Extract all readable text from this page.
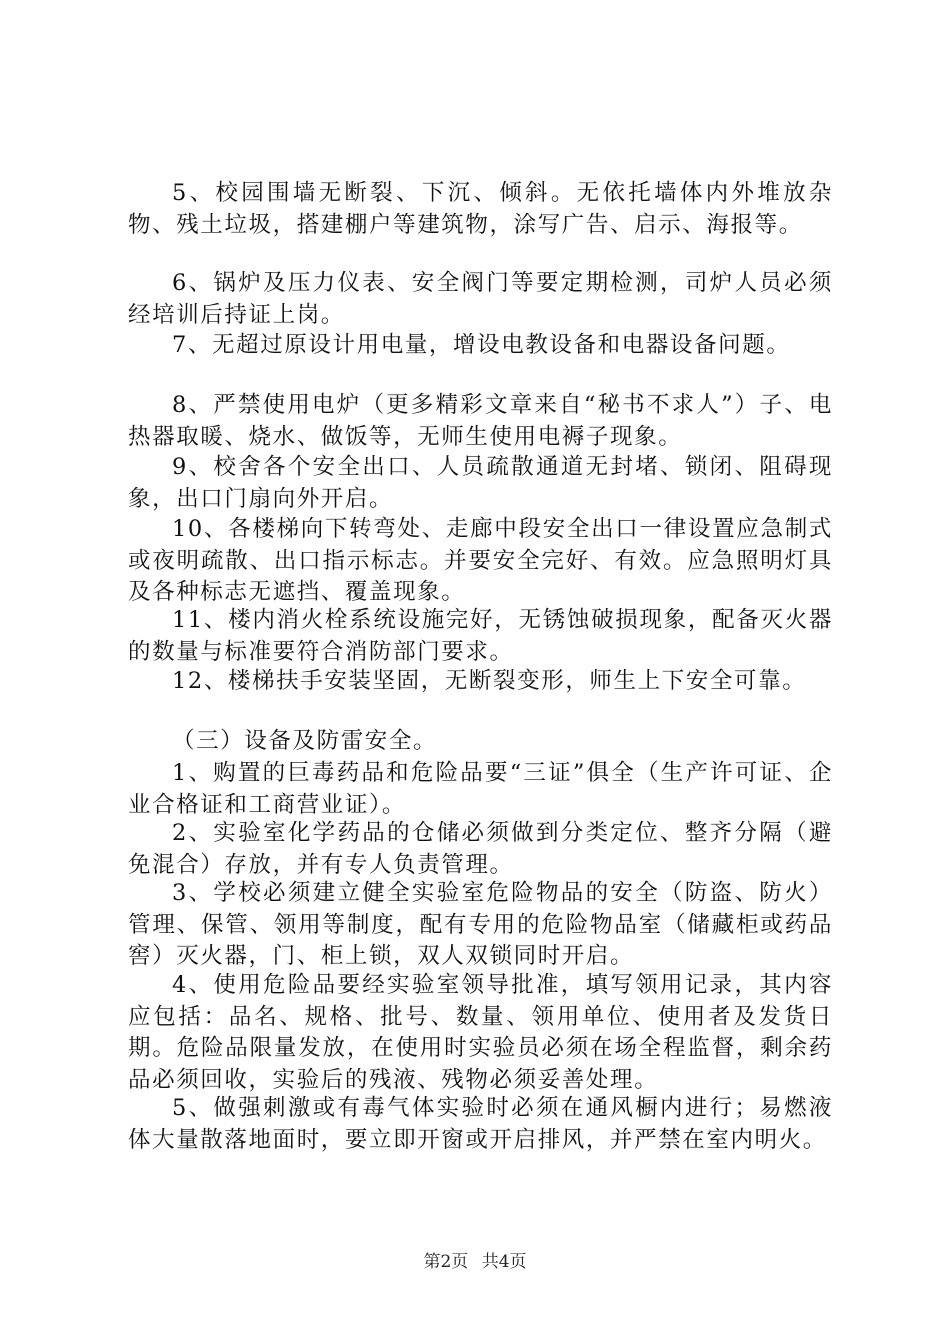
5、校园围墙无断裂、下沉、倾斜。无依托墙体内外堆放杂物、残土垃圾，搭建棚户等建筑物，涂写广告、启示、海报等。

6、锅炉及压力仪表、安全阀门等要定期检测，司炉人员必须经培训后持证上岗。

7、无超过原设计用电量，增设电教设备和电器设备问题。

8、严禁使用电炉（更多精彩文章来自“秘书不求人”）子、电热器取暖、烧水、做饭等，无师生使用电褥子现象。

9、校舍各个安全出口、人员疏散通道无封堵、锁闭、阻碍现象，出口门扇向外开启。

10、各楼梯向下转弯处、走廊中段安全出口一律设置应急制式或夜明疏散、出口指示标志。并要安全完好、有效。应急照明灯具及各种标志无遮挡、覆盖现象。

11、楼内消火栓系统设施完好，无锈蚀破损现象，配备灭火器的数量与标准要符合消防部门要求。

12、楼梯扶手安装坚固，无断裂变形，师生上下安全可靠。

（三）设备及防雷安全。

1、购置的巨毒药品和危险品要“三证”俱全（生产许可证、企业合格证和工商营业证）。

2、实验室化学药品的仓储必须做到分类定位、整齐分隔（避免混合）存放，并有专人负责管理。

3、学校必须建立健全实验室危险物品的安全（防盗、防火）管理、保管、领用等制度，配有专用的危险物品室（储藏柜或药品窖）灭火器，门、柜上锁，双人双锁同时开启。

4、使用危险品要经实验室领导批准，填写领用记录，其内容应包括：品名、规格、批号、数量、领用单位、使用者及发货日期。危险品限量发放，在使用时实验员必须在场全程监督，剩余药品必须回收，实验后的残液、残物必须妥善处理。

5、做强刺激或有毒气体实验时必须在通风橱内进行；易燃液体大量散落地面时，要立即开窗或开启排风，并严禁在室内明火。

第2页 共4页
